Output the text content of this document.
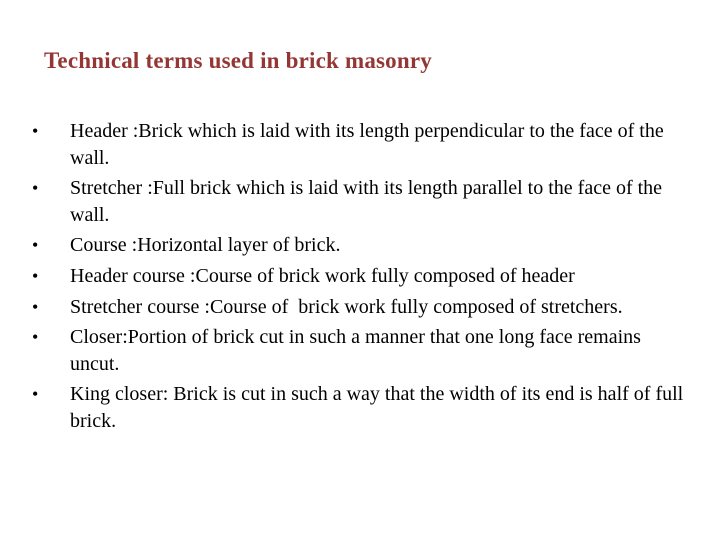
Technical terms used in brick masonry
•	Header :Brick which is laid with its length perpendicular to the face of the wall.
•	Stretcher :Full brick which is laid with its length parallel to the face of the wall.
•	Course :Horizontal layer of brick.
•	Header course :Course of brick work fully composed of header
•	Stretcher course :Course of  brick work fully composed of stretchers.
•	Closer:Portion of brick cut in such a manner that one long face remains   uncut.
•	King closer: Brick is cut in such a way that the width of its end is half of full brick.
